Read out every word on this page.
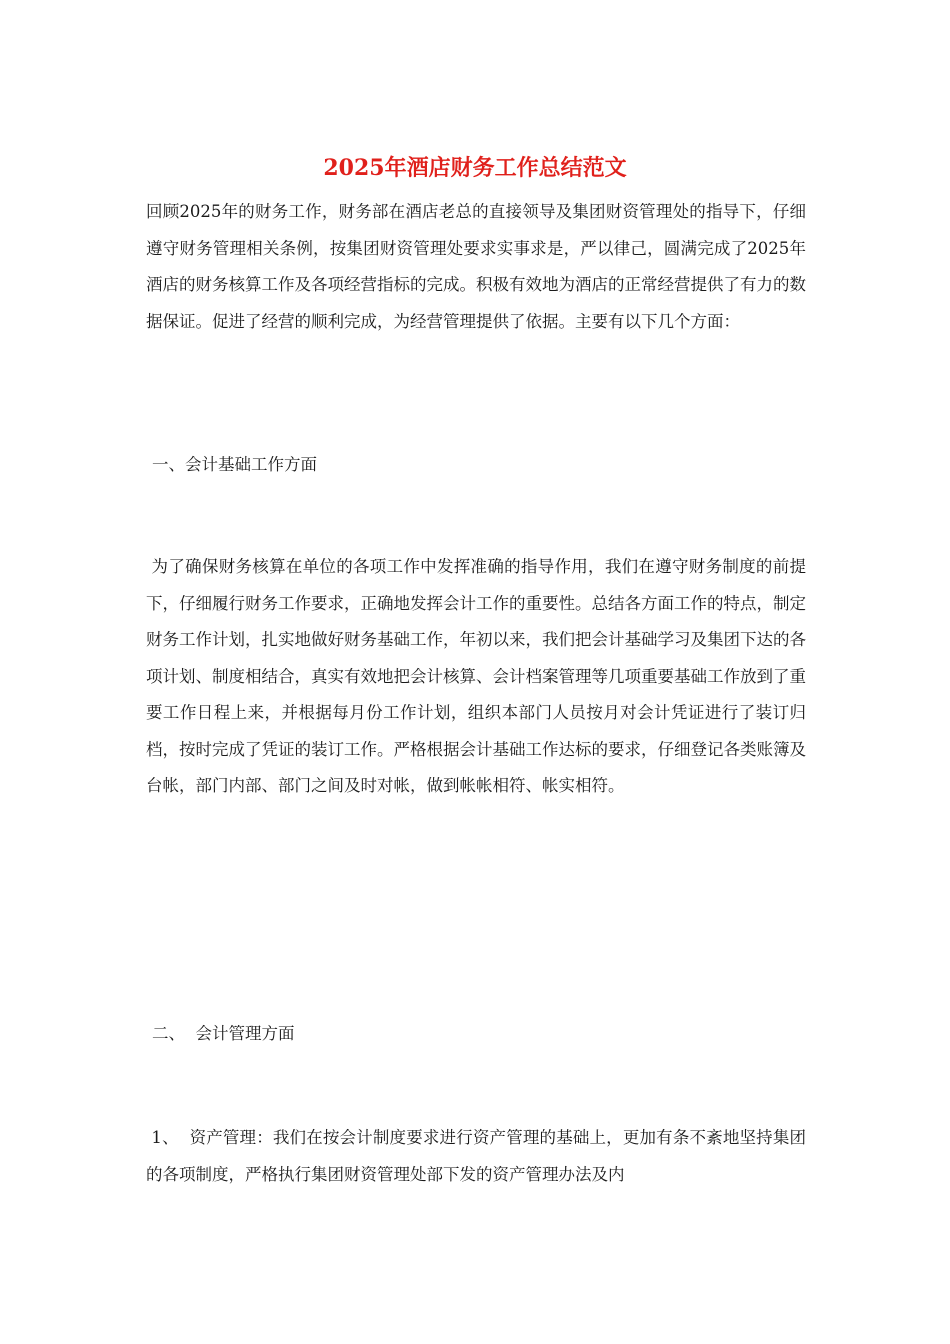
2025年酒店财务工作总结范文

回顾2025年的财务工作，财务部在酒店老总的直接领导及集团财资管理处的指导下，仔细遵守财务管理相关条例，按集团财资管理处要求实事求是，严以律己，圆满完成了2025年酒店的财务核算工作及各项经营指标的完成。积极有效地为酒店的正常经营提供了有力的数据保证。促进了经营的顺利完成，为经营管理提供了依据。主要有以下几个方面：

一、会计基础工作方面

为了确保财务核算在单位的各项工作中发挥准确的指导作用，我们在遵守财务制度的前提下，仔细履行财务工作要求，正确地发挥会计工作的重要性。总结各方面工作的特点，制定财务工作计划，扎实地做好财务基础工作，年初以来，我们把会计基础学习及集团下达的各项计划、制度相结合，真实有效地把会计核算、会计档案管理等几项重要基础工作放到了重要工作日程上来，并根据每月份工作计划，组织本部门人员按月对会计凭证进行了装订归档，按时完成了凭证的装订工作。严格根据会计基础工作达标的要求，仔细登记各类账簿及台帐，部门内部、部门之间及时对帐，做到帐帐相符、帐实相符。

二、  会计管理方面

1、  资产管理：我们在按会计制度要求进行资产管理的基础上，更加有条不紊地坚持集团的各项制度，严格执行集团财资管理处部下发的资产管理办法及内
